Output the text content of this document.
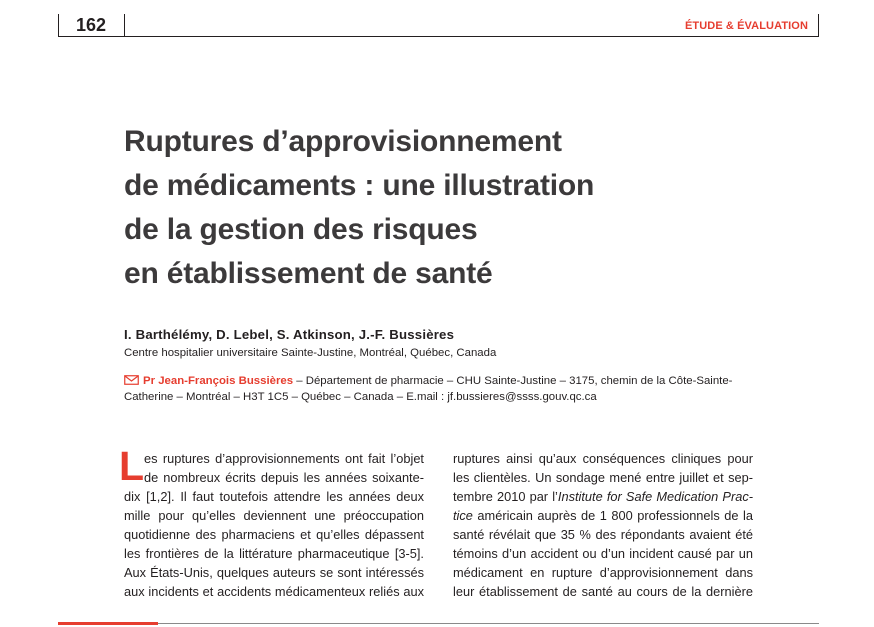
162	ÉTUDE & ÉVALUATION
Ruptures d’approvisionnement
de médicaments : une illustration
de la gestion des risques
en établissement de santé
I. Barthélémy, D. Lebel, S. Atkinson, J.-F. Bussières
Centre hospitalier universitaire Sainte-Justine, Montréal, Québec, Canada
Pr Jean-François Bussières – Département de pharmacie – CHU Sainte-Justine – 3175, chemin de la Côte-Sainte-
Catherine – Montréal – H3T 1C5 – Québec – Canada – E.mail : jf.bussieres@ssss.gouv.qc.ca
L es ruptures d’approvisionnements ont fait l’objet
de nombreux écrits depuis les années soixante-
dix [1,2]. Il faut toutefois attendre les années deux
mille pour qu’elles deviennent une préoccupation
quotidienne des pharmaciens et qu’elles dépassent
les frontières de la littérature pharmaceutique [3-5].
Aux États-Unis, quelques auteurs se sont intéressés
aux incidents et accidents médicamenteux reliés aux
ruptures ainsi qu’aux conséquences cliniques pour
les clientèles. Un sondage mené entre juillet et sep-
tembre 2010 par l’Institute for Safe Medication Prac-
tice américain auprès de 1 800 professionnels de la
santé révélait que 35 % des répondants avaient été
témoins d’un accident ou d’un incident causé par un
médicament en rupture d’approvisionnement dans
leur établissement de santé au cours de la dernière
